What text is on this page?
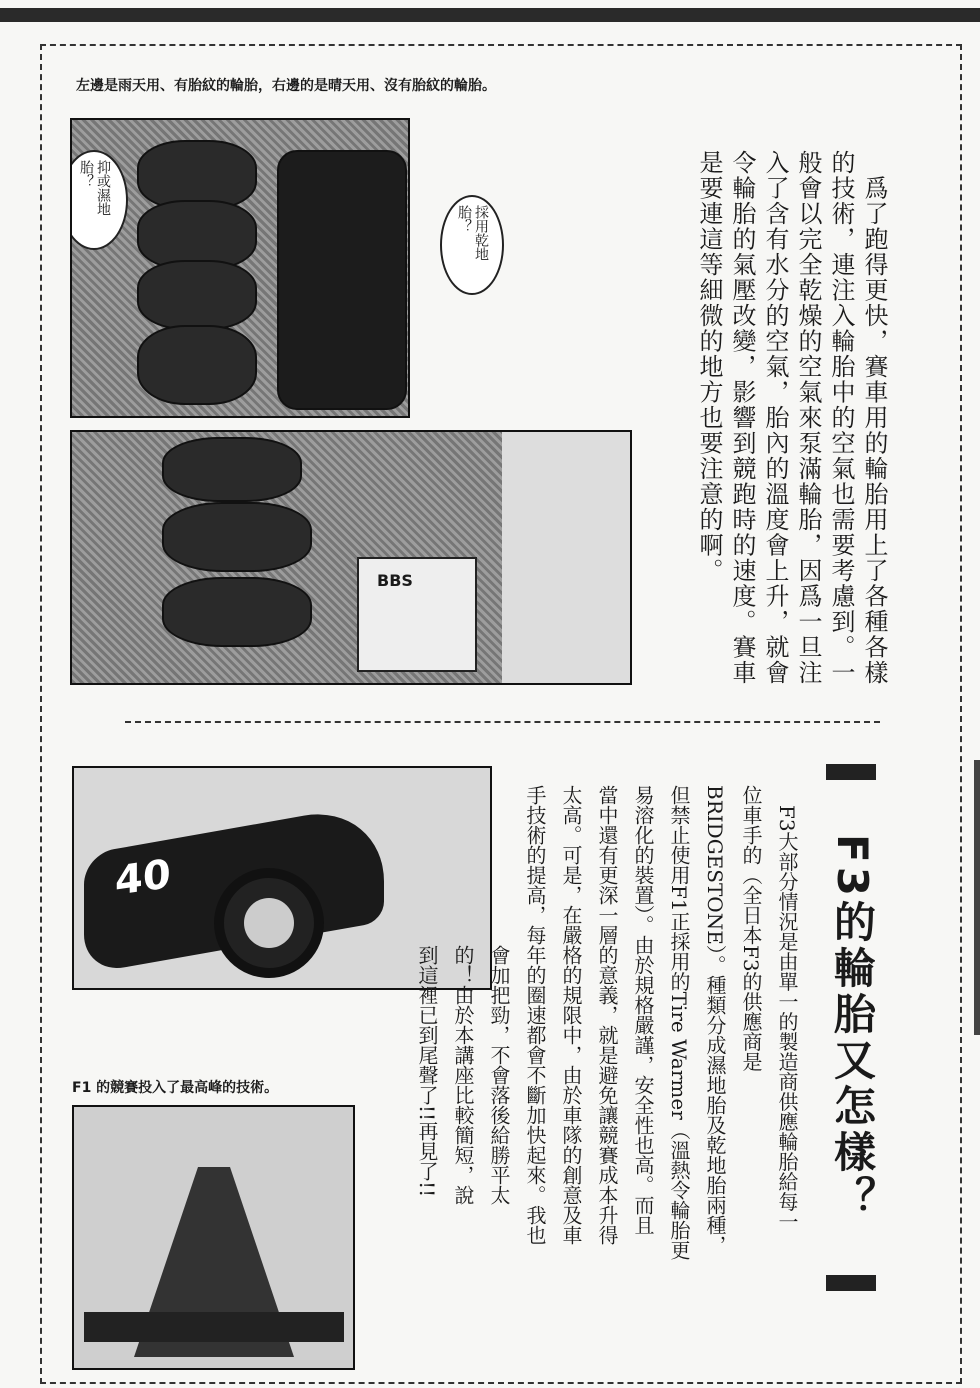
左邊是雨天用、有胎紋的輪胎，右邊的是晴天用、沒有胎紋的輪胎。
抑或濕地胎？
採用乾地胎？
BBS	　爲了跑得更快，賽車用的輪胎用上了各種各樣
的技術，連注入輪胎中的空氣也需要考慮到。一
般會以完全乾燥的空氣來泵滿輪胎，因爲一旦注
入了含有水分的空氣，胎內的溫度會上升，就會
令輪胎的氣壓改變，影響到競跑時的速度。賽車
是要連這等細微的地方也要注意的啊。
40
F1 的競賽投入了最高峰的技術。	F3的輪胎又怎樣？
　F3大部分情況是由單一的製造商供應輪胎給每一
位車手的（全日本F3的供應商是
BRIDGESTONE）。種類分成濕地胎及乾地胎兩種，
但禁止使用F1正採用的Tire Warmer（溫熱令輪胎更
易溶化的裝置）。由於規格嚴謹，安全性也高。而且
當中還有更深一層的意義，就是避免讓競賽成本升得
太高。可是，在嚴格的規限中，由於車隊的創意及車
手技術的提高，每年的圈速都會不斷加快起來。我也
　　　　　　　　會加把勁，不會落後給勝平太
　　　　　　　　的！由於本講座比較簡短，說
　　　　　　　　到這裡已到尾聲了!!再見了!!
